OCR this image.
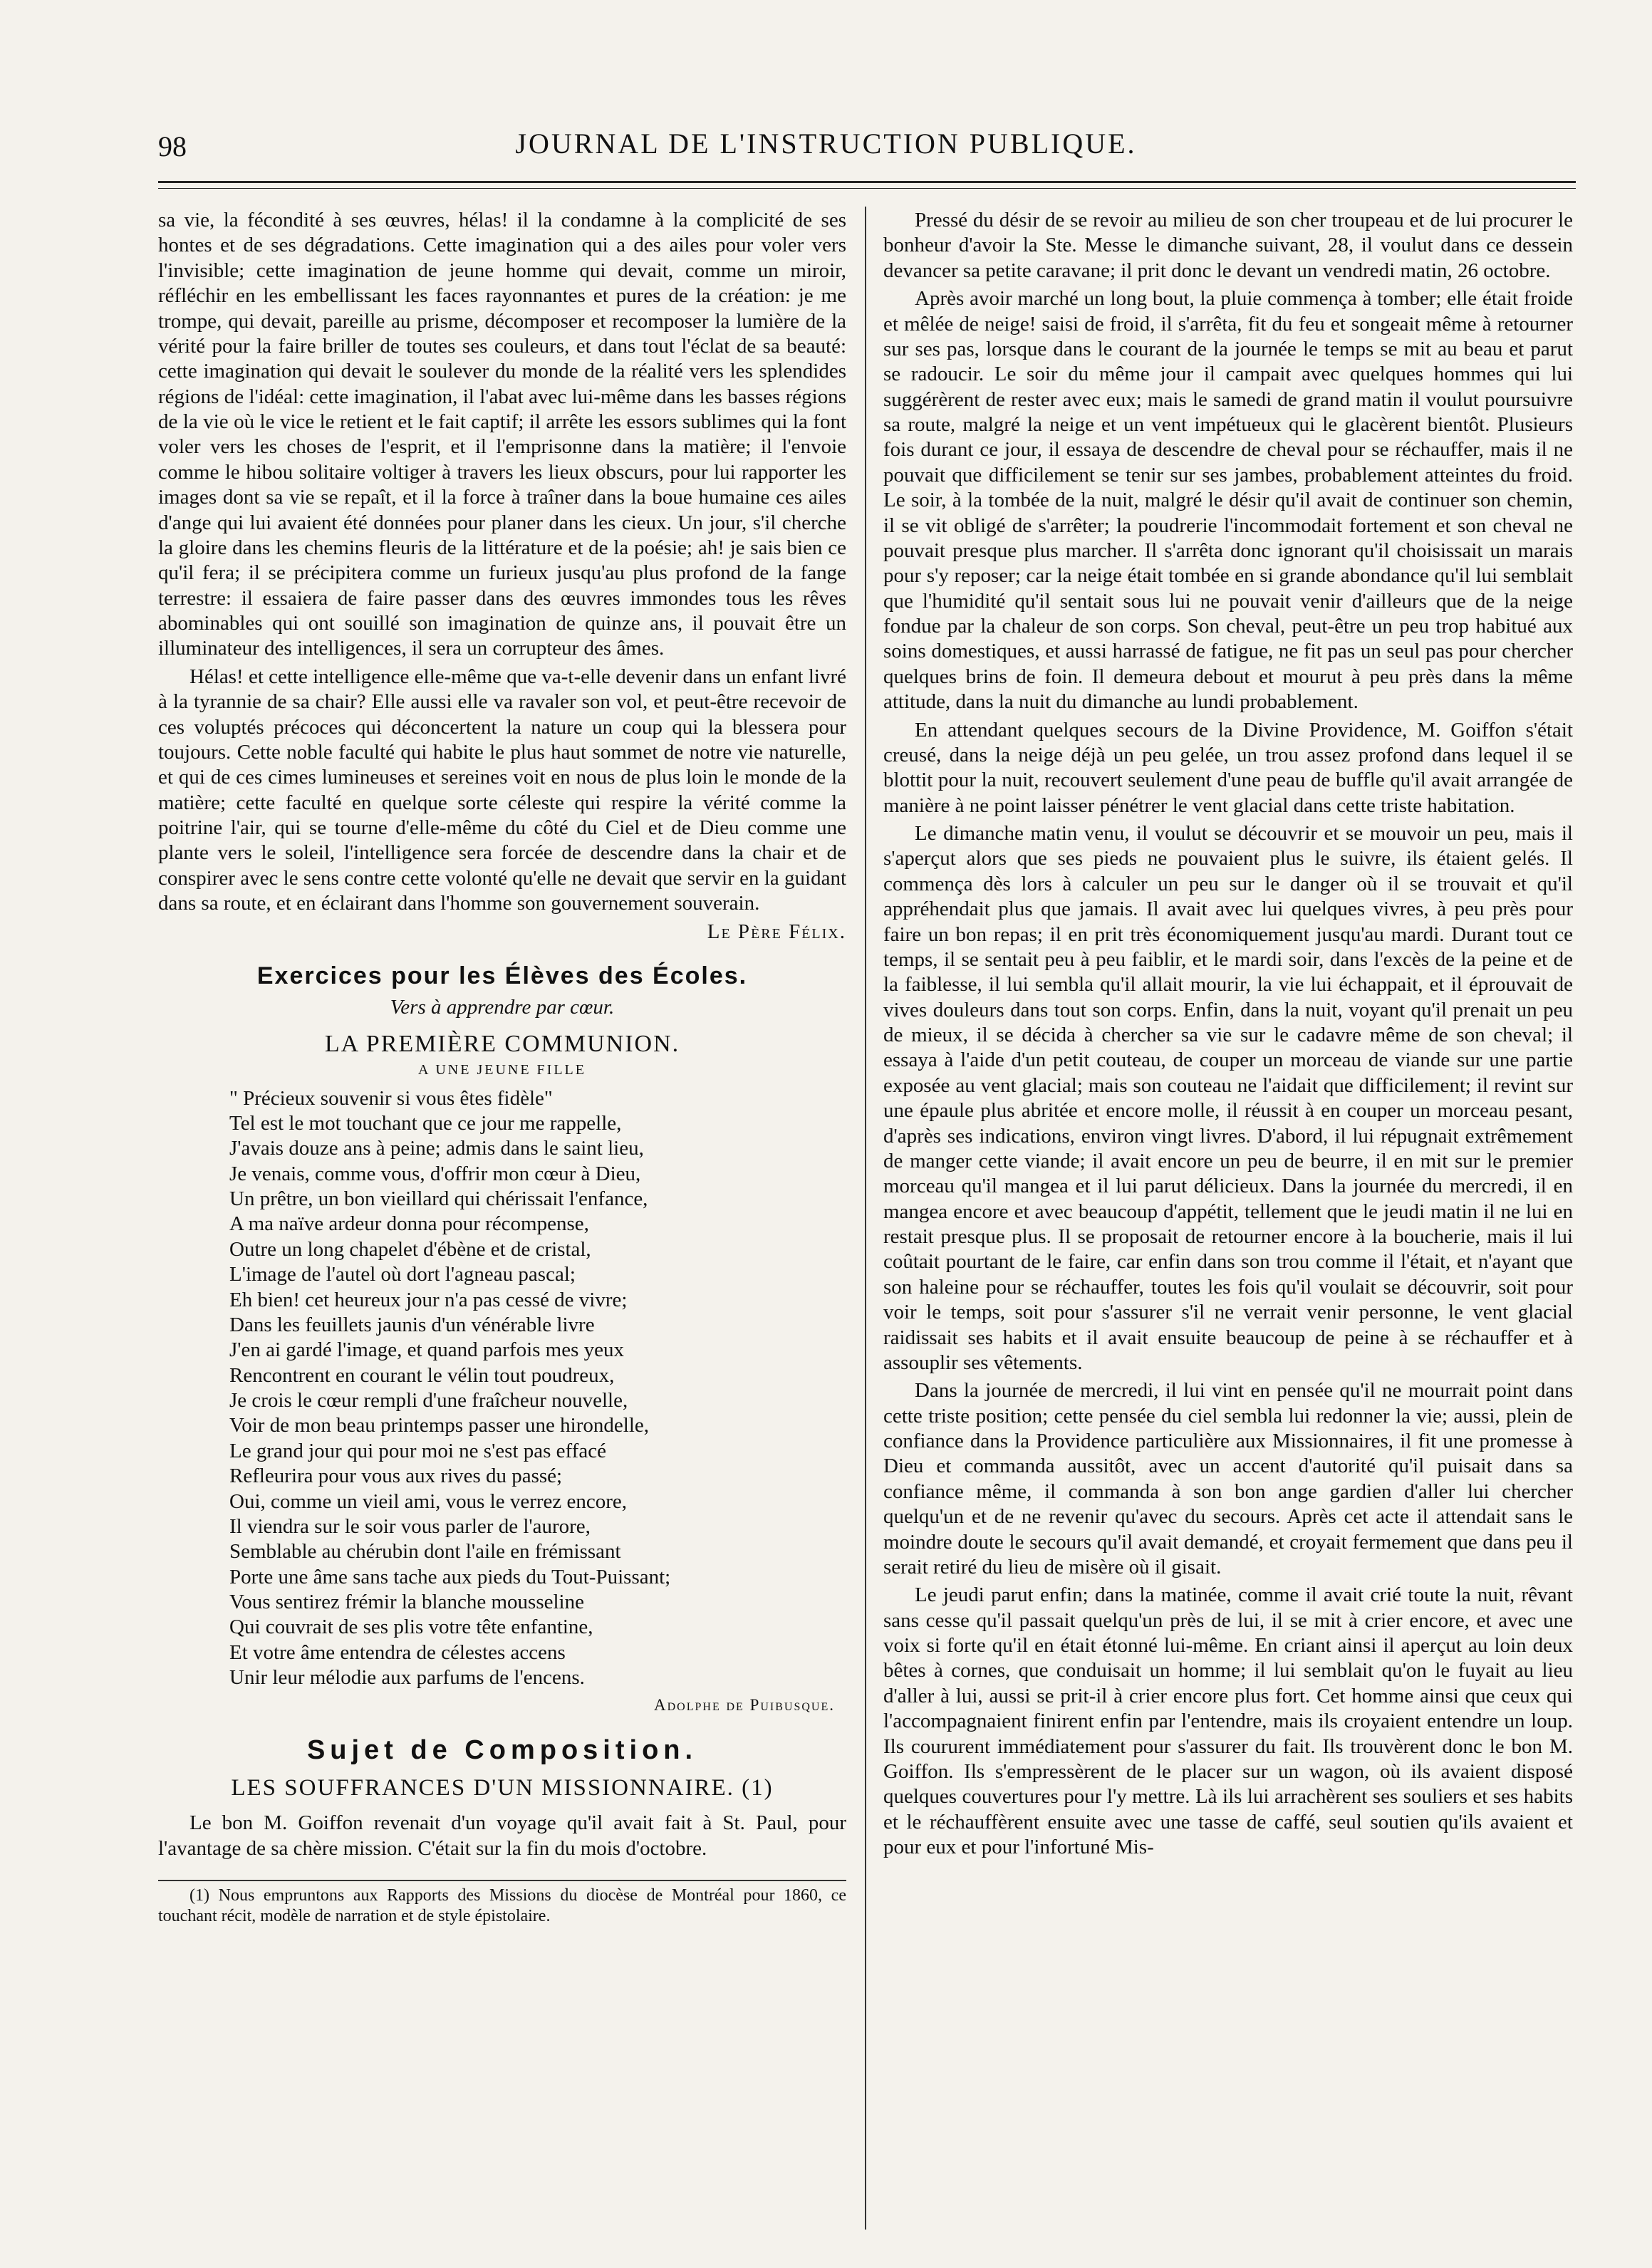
98	JOURNAL DE L'INSTRUCTION PUBLIQUE.

sa vie, la fécondité à ses œuvres, hélas! il la condamne à la complicité de ses hontes et de ses dégradations. Cette imagination qui a des ailes pour voler vers l'invisible; cette imagination de jeune homme qui devait, comme un miroir, réfléchir en les embellissant les faces rayonnantes et pures de la création: je me trompe, qui devait, pareille au prisme, décomposer et recomposer la lumière de la vérité pour la faire briller de toutes ses couleurs, et dans tout l'éclat de sa beauté: cette imagination qui devait le soulever du monde de la réalité vers les splendides régions de l'idéal: cette imagination, il l'abat avec lui-même dans les basses régions de la vie où le vice le retient et le fait captif; il arrête les essors sublimes qui la font voler vers les choses de l'esprit, et il l'emprisonne dans la matière; il l'envoie comme le hibou solitaire voltiger à travers les lieux obscurs, pour lui rapporter les images dont sa vie se repaît, et il la force à traîner dans la boue humaine ces ailes d'ange qui lui avaient été données pour planer dans les cieux. Un jour, s'il cherche la gloire dans les chemins fleuris de la littérature et de la poésie; ah! je sais bien ce qu'il fera; il se précipitera comme un furieux jusqu'au plus profond de la fange terrestre: il essaiera de faire passer dans des œuvres immondes tous les rêves abominables qui ont souillé son imagination de quinze ans, il pouvait être un illuminateur des intelligences, il sera un corrupteur des âmes.

Hélas! et cette intelligence elle-même que va-t-elle devenir dans un enfant livré à la tyrannie de sa chair? Elle aussi elle va ravaler son vol, et peut-être recevoir de ces voluptés précoces qui déconcertent la nature un coup qui la blessera pour toujours. Cette noble faculté qui habite le plus haut sommet de notre vie naturelle, et qui de ces cimes lumineuses et sereines voit en nous de plus loin le monde de la matière; cette faculté en quelque sorte céleste qui respire la vérité comme la poitrine l'air, qui se tourne d'elle-même du côté du Ciel et de Dieu comme une plante vers le soleil, l'intelligence sera forcée de descendre dans la chair et de conspirer avec le sens contre cette volonté qu'elle ne devait que servir en la guidant dans sa route, et en éclairant dans l'homme son gouvernement souverain.

Le Père Félix.
Exercices pour les Élèves des Écoles.
Vers à apprendre par cœur.
LA PREMIÈRE COMMUNION.
A UNE JEUNE FILLE
" Précieux souvenir si vous êtes fidèle"
Tel est le mot touchant que ce jour me rappelle,
J'avais douze ans à peine; admis dans le saint lieu,
Je venais, comme vous, d'offrir mon cœur à Dieu,
Un prêtre, un bon vieillard qui chérissait l'enfance,
A ma naïve ardeur donna pour récompense,
Outre un long chapelet d'ébène et de cristal,
L'image de l'autel où dort l'agneau pascal;
Eh bien! cet heureux jour n'a pas cessé de vivre;
Dans les feuillets jaunis d'un vénérable livre
J'en ai gardé l'image, et quand parfois mes yeux
Rencontrent en courant le vélin tout poudreux,
Je crois le cœur rempli d'une fraîcheur nouvelle,
Voir de mon beau printemps passer une hirondelle,
Le grand jour qui pour moi ne s'est pas effacé
Refleurira pour vous aux rives du passé;
Oui, comme un vieil ami, vous le verrez encore,
Il viendra sur le soir vous parler de l'aurore,
Semblable au chérubin dont l'aile en frémissant
Porte une âme sans tache aux pieds du Tout-Puissant;
Vous sentirez frémir la blanche mousseline
Qui couvrait de ses plis votre tête enfantine,
Et votre âme entendra de célestes accens
Unir leur mélodie aux parfums de l'encens.
Adolphe de Puibusque.
Sujet de Composition.
LES SOUFFRANCES D'UN MISSIONNAIRE. (1)

Le bon M. Goiffon revenait d'un voyage qu'il avait fait à St. Paul, pour l'avantage de sa chère mission. C'était sur la fin du mois d'octobre.

(1) Nous empruntons aux Rapports des Missions du diocèse de Montréal pour 1860, ce touchant récit, modèle de narration et de style épistolaire.

Pressé du désir de se revoir au milieu de son cher troupeau et de lui procurer le bonheur d'avoir la Ste. Messe le dimanche suivant, 28, il voulut dans ce dessein devancer sa petite caravane; il prit donc le devant un vendredi matin, 26 octobre.

Après avoir marché un long bout, la pluie commença à tomber; elle était froide et mêlée de neige! saisi de froid, il s'arrêta, fit du feu et songeait même à retourner sur ses pas, lorsque dans le courant de la journée le temps se mit au beau et parut se radoucir. Le soir du même jour il campait avec quelques hommes qui lui suggérèrent de rester avec eux; mais le samedi de grand matin il voulut poursuivre sa route, malgré la neige et un vent impétueux qui le glacèrent bientôt. Plusieurs fois durant ce jour, il essaya de descendre de cheval pour se réchauffer, mais il ne pouvait que difficilement se tenir sur ses jambes, probablement atteintes du froid. Le soir, à la tombée de la nuit, malgré le désir qu'il avait de continuer son chemin, il se vit obligé de s'arrêter; la poudrerie l'incommodait fortement et son cheval ne pouvait presque plus marcher. Il s'arrêta donc ignorant qu'il choisissait un marais pour s'y reposer; car la neige était tombée en si grande abondance qu'il lui semblait que l'humidité qu'il sentait sous lui ne pouvait venir d'ailleurs que de la neige fondue par la chaleur de son corps. Son cheval, peut-être un peu trop habitué aux soins domestiques, et aussi harrassé de fatigue, ne fit pas un seul pas pour chercher quelques brins de foin. Il demeura debout et mourut à peu près dans la même attitude, dans la nuit du dimanche au lundi probablement.

En attendant quelques secours de la Divine Providence, M. Goiffon s'était creusé, dans la neige déjà un peu gelée, un trou assez profond dans lequel il se blottit pour la nuit, recouvert seulement d'une peau de buffle qu'il avait arrangée de manière à ne point laisser pénétrer le vent glacial dans cette triste habitation.

Le dimanche matin venu, il voulut se découvrir et se mouvoir un peu, mais il s'aperçut alors que ses pieds ne pouvaient plus le suivre, ils étaient gelés. Il commença dès lors à calculer un peu sur le danger où il se trouvait et qu'il appréhendait plus que jamais. Il avait avec lui quelques vivres, à peu près pour faire un bon repas; il en prit très économiquement jusqu'au mardi. Durant tout ce temps, il se sentait peu à peu faiblir, et le mardi soir, dans l'excès de la peine et de la faiblesse, il lui sembla qu'il allait mourir, la vie lui échappait, et il éprouvait de vives douleurs dans tout son corps. Enfin, dans la nuit, voyant qu'il prenait un peu de mieux, il se décida à chercher sa vie sur le cadavre même de son cheval; il essaya à l'aide d'un petit couteau, de couper un morceau de viande sur une partie exposée au vent glacial; mais son couteau ne l'aidait que difficilement; il revint sur une épaule plus abritée et encore molle, il réussit à en couper un morceau pesant, d'après ses indications, environ vingt livres. D'abord, il lui répugnait extrêmement de manger cette viande; il avait encore un peu de beurre, il en mit sur le premier morceau qu'il mangea et il lui parut délicieux. Dans la journée du mercredi, il en mangea encore et avec beaucoup d'appétit, tellement que le jeudi matin il ne lui en restait presque plus. Il se proposait de retourner encore à la boucherie, mais il lui coûtait pourtant de le faire, car enfin dans son trou comme il l'était, et n'ayant que son haleine pour se réchauffer, toutes les fois qu'il voulait se découvrir, soit pour voir le temps, soit pour s'assurer s'il ne verrait venir personne, le vent glacial raidissait ses habits et il avait ensuite beaucoup de peine à se réchauffer et à assouplir ses vêtements.

Dans la journée de mercredi, il lui vint en pensée qu'il ne mourrait point dans cette triste position; cette pensée du ciel sembla lui redonner la vie; aussi, plein de confiance dans la Providence particulière aux Missionnaires, il fit une promesse à Dieu et commanda aussitôt, avec un accent d'autorité qu'il puisait dans sa confiance même, il commanda à son bon ange gardien d'aller lui chercher quelqu'un et de ne revenir qu'avec du secours. Après cet acte il attendait sans le moindre doute le secours qu'il avait demandé, et croyait fermement que dans peu il serait retiré du lieu de misère où il gisait.

Le jeudi parut enfin; dans la matinée, comme il avait crié toute la nuit, rêvant sans cesse qu'il passait quelqu'un près de lui, il se mit à crier encore, et avec une voix si forte qu'il en était étonné lui-même. En criant ainsi il aperçut au loin deux bêtes à cornes, que conduisait un homme; il lui semblait qu'on le fuyait au lieu d'aller à lui, aussi se prit-il à crier encore plus fort. Cet homme ainsi que ceux qui l'accompagnaient finirent enfin par l'entendre, mais ils croyaient entendre un loup. Ils coururent immédiatement pour s'assurer du fait. Ils trouvèrent donc le bon M. Goiffon. Ils s'empressèrent de le placer sur un wagon, où ils avaient disposé quelques couvertures pour l'y mettre. Là ils lui arrachèrent ses souliers et ses habits et le réchauffèrent ensuite avec une tasse de caffé, seul soutien qu'ils avaient et pour eux et pour l'infortuné Mis-
